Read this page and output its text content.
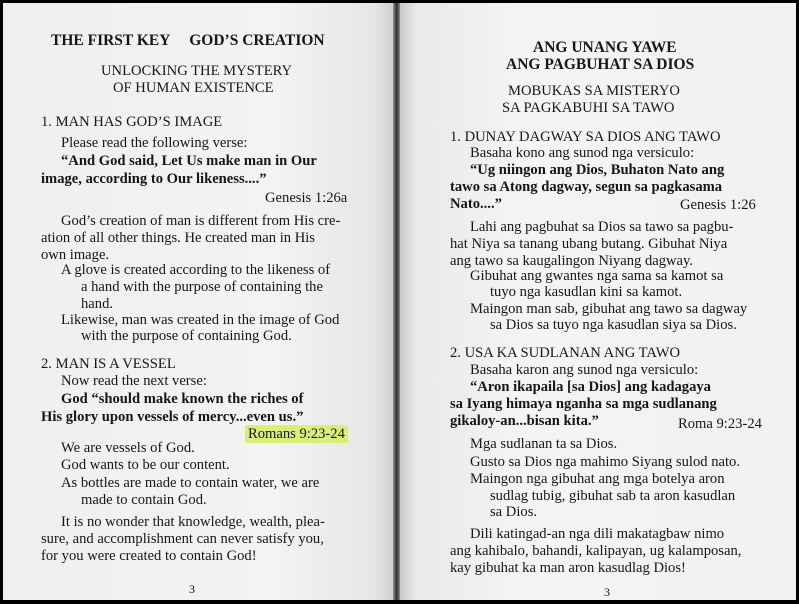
THE FIRST KEY     GOD’S CREATION
UNLOCKING THE MYSTERY
OF HUMAN EXISTENCE
1. MAN HAS GOD’S IMAGE
Please read the following verse:
“And God said, Let Us make man in Our
image, according to Our likeness....”
Genesis 1:26a
God’s creation of man is different from His cre-
ation of all other things. He created man in His
own image.
A glove is created according to the likeness of
a hand with the purpose of containing the
hand.
Likewise, man was created in the image of God
with the purpose of containing God.
2. MAN IS A VESSEL
Now read the next verse:
God “should make known the riches of
His glory upon vessels of mercy...even us.”
Romans 9:23-24
We are vessels of God.
God wants to be our content.
As bottles are made to contain water, we are
made to contain God.
It is no wonder that knowledge, wealth, plea-
sure, and accomplishment can never satisfy you,
for you were created to contain God!
3
ANG UNANG YAWE
ANG PAGBUHAT SA DIOS
MOBUKAS SA MISTERYO
SA PAGKABUHI SA TAWO
1. DUNAY DAGWAY SA DIOS ANG TAWO
Basaha kono ang sunod nga versiculo:
“Ug niingon ang Dios, Buhaton Nato ang
tawo sa Atong dagway, segun sa pagkasama
Nato....”	Genesis 1:26
Lahi ang pagbuhat sa Dios sa tawo sa pagbu-
hat Niya sa tanang ubang butang. Gibuhat Niya
ang tawo sa kaugalingon Niyang dagway.
Gibuhat ang gwantes nga sama sa kamot sa
tuyo nga kasudlan kini sa kamot.
Maingon man sab, gibuhat ang tawo sa dagway
sa Dios sa tuyo nga kasudlan siya sa Dios.
2. USA KA SUDLANAN ANG TAWO
Basaha karon ang sunod nga versiculo:
“Aron ikapaila [sa Dios] ang kadagaya
sa Iyang himaya nganha sa mga sudlanang
gikaloy-an...bisan kita.”	Roma 9:23-24
Mga sudlanan ta sa Dios.
Gusto sa Dios nga mahimo Siyang sulod nato.
Maingon nga gibuhat ang mga botelya aron
sudlag tubig, gibuhat sab ta aron kasudlan
sa Dios.
Dili katingad-an nga dili makatagbaw nimo
ang kahibalo, bahandi, kalipayan, ug kalamposan,
kay gibuhat ka man aron kasudlag Dios!
3
